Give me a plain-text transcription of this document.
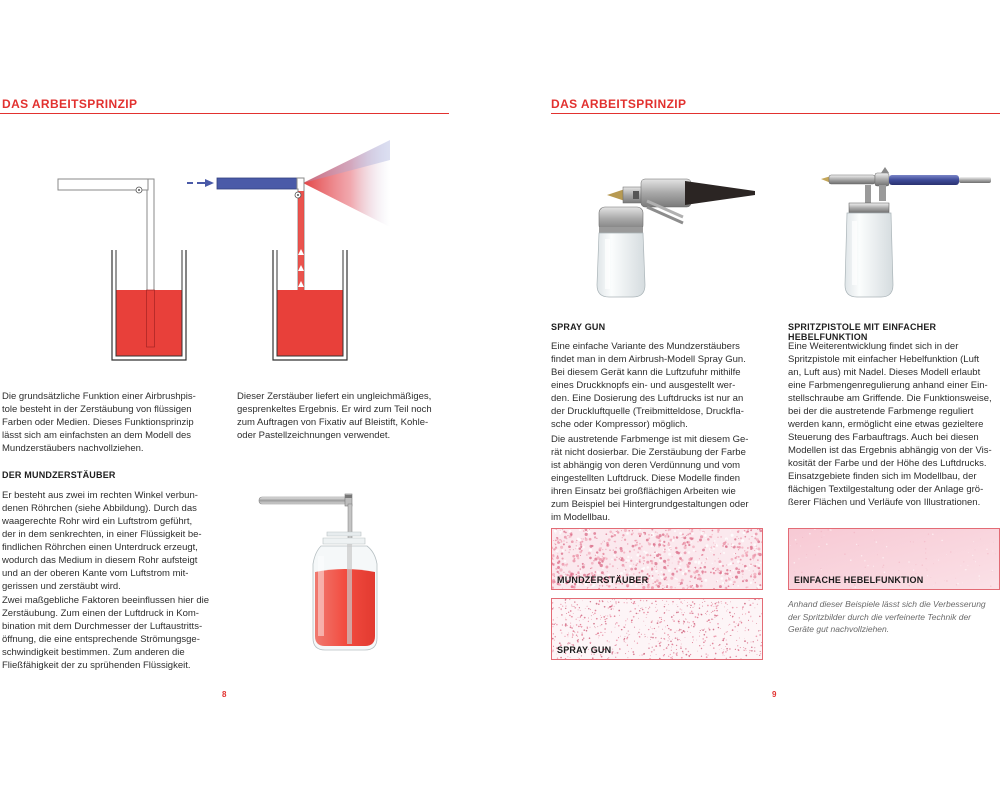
DAS ARBEITSPRINZIP

Die grundsätzliche Funktion einer Airbrushpis-
tole besteht in der Zerstäubung von flüssigen
Farben oder Medien. Dieses Funktionsprinzip
lässt sich am einfachsten an dem Modell des
Mundzerstäubers nachvollziehen.

Dieser Zerstäuber liefert ein ungleichmäßiges,
gesprenkeltes Ergebnis. Er wird zum Teil noch
zum Auftragen von Fixativ auf Bleistift, Kohle-
oder Pastellzeichnungen verwendet.

DER MUNDZERSTÄUBER

Er besteht aus zwei im rechten Winkel verbun-
denen Röhrchen (siehe Abbildung). Durch das
waagerechte Rohr wird ein Luftstrom geführt,
der in dem senkrechten, in einer Flüssigkeit be-
findlichen Röhrchen einen Unterdruck erzeugt,
wodurch das Medium in diesem Rohr aufsteigt
und an der oberen Kante vom Luftstrom mit-
gerissen und zerstäubt wird.

Zwei maßgebliche Faktoren beeinflussen hier die
Zerstäubung. Zum einen der Luftdruck in Kom-
bination mit dem Durchmesser der Luftaustritts-
öffnung, die eine entsprechende Strömungsge-
schwindigkeit bestimmen. Zum anderen die
Fließfähigkeit der zu sprühenden Flüssigkeit.

8
DAS ARBEITSPRINZIP
SPRAY GUN

Eine einfache Variante des Mundzerstäubers
findet man in dem Airbrush-Modell Spray Gun.
Bei diesem Gerät kann die Luftzufuhr mithilfe
eines Druckknopfs ein- und ausgestellt wer-
den. Eine Dosierung des Luftdrucks ist nur an
der Druckluftquelle (Treibmitteldose, Druckfla-
sche oder Kompressor) möglich.

Die austretende Farbmenge ist mit diesem Ge-
rät nicht dosierbar. Die Zerstäubung der Farbe
ist abhängig von deren Verdünnung und vom
eingestellten Luftdruck. Diese Modelle finden
ihren Einsatz bei großflächigen Arbeiten wie
zum Beispiel bei Hintergrundgestaltungen oder
im Modellbau.

SPRITZPISTOLE MIT EINFACHER HEBELFUNKTION

Eine Weiterentwicklung findet sich in der
Spritzpistole mit einfacher Hebelfunktion (Luft
an, Luft aus) mit Nadel. Dieses Modell erlaubt
eine Farbmengenregulierung anhand einer Ein-
stellschraube am Griffende. Die Funktionsweise,
bei der die austretende Farbmenge reguliert
werden kann, ermöglicht eine etwas gezieltere
Steuerung des Farbauftrags. Auch bei diesen
Modellen ist das Ergebnis abhängig von der Vis-
kosität der Farbe und der Höhe des Luftdrucks.
Einsatzgebiete finden sich im Modellbau, der
flächigen Textilgestaltung oder der Anlage grö-
ßerer Flächen und Verläufe von Illustrationen.

MUNDZERSTÄUBER
SPRAY GUN
EINFACHE HEBELFUNKTION

Anhand dieser Beispiele lässt sich die Verbesserung
der Spritzbilder durch die verfeinerte Technik der
Geräte gut nachvollziehen.

9
